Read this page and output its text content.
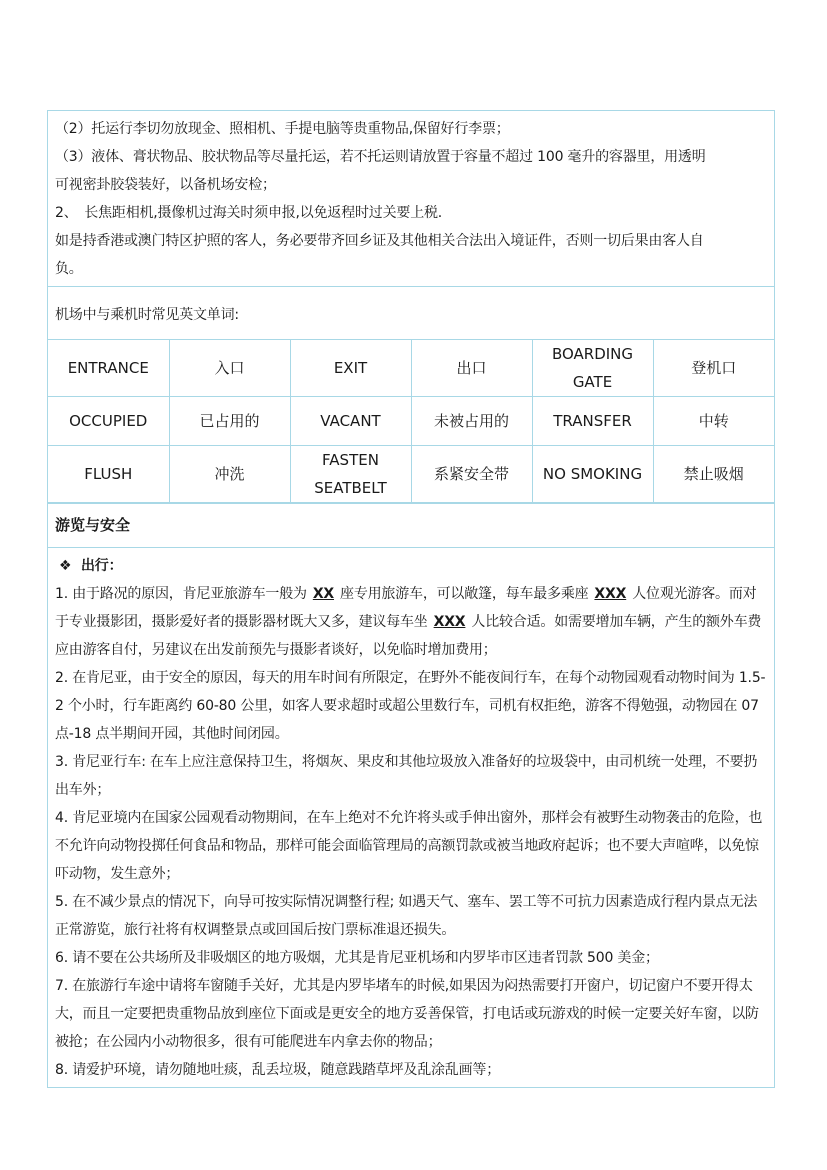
（2）托运行李切勿放现金、照相机、手提电脑等贵重物品,保留好行李票；

（3）液体、膏状物品、胶状物品等尽量托运，若不托运则请放置于容量不超过 100 毫升的容器里，用透明

可视密卦胶袋装好，以备机场安检；

2、　长焦距相机,摄像机过海关时须申报,以免返程时过关要上税.

如是持香港或澳门特区护照的客人，务必要带齐回乡证及其他相关合法出入境证件，否则一切后果由客人自

负。

机场中与乘机时常见英文单词:

ENTRANCE	入口	EXIT	出口	BOARDING GATE	登机口
OCCUPIED	已占用的	VACANT	未被占用的	TRANSFER	中转
FLUSH	冲洗	FASTEN SEATBELT	系紧安全带	NO SMOKING	禁止吸烟
游览与安全

❖ 出行：

1. 由于路况的原因，肯尼亚旅游车一般为 XX 座专用旅游车，可以敞篷，每车最多乘座 XXX 人位观光游客。而对于专业摄影团，摄影爱好者的摄影器材既大又多，建议每车坐 XXX 人比较合适。如需要增加车辆，产生的额外车费应由游客自付，另建议在出发前预先与摄影者谈好，以免临时增加费用；

2. 在肯尼亚，由于安全的原因，每天的用车时间有所限定，在野外不能夜间行车，在每个动物园观看动物时间为 1.5-2 个小时，行车距离约 60-80 公里，如客人要求超时或超公里数行车，司机有权拒绝，游客不得勉强，动物园在 07 点-18 点半期间开园，其他时间闭园。

3. 肯尼亚行车: 在车上应注意保持卫生，将烟灰、果皮和其他垃圾放入准备好的垃圾袋中，由司机统一处理，不要扔出车外；

4. 肯尼亚境内在国家公园观看动物期间，在车上绝对不允许将头或手伸出窗外，那样会有被野生动物袭击的危险，也不允许向动物投掷任何食品和物品，那样可能会面临管理局的高额罚款或被当地政府起诉；也不要大声喧哗，以免惊吓动物，发生意外；

5. 在不减少景点的情况下，向导可按实际情况调整行程; 如遇天气、塞车、罢工等不可抗力因素造成行程内景点无法正常游览，旅行社将有权调整景点或回国后按门票标准退还损失。

6. 请不要在公共场所及非吸烟区的地方吸烟，尤其是肯尼亚机场和内罗毕市区违者罚款 500 美金；

7. 在旅游行车途中请将车窗随手关好，尤其是内罗毕堵车的时候,如果因为闷热需要打开窗户，切记窗户不要开得太大，而且一定要把贵重物品放到座位下面或是更安全的地方妥善保管，打电话或玩游戏的时候一定要关好车窗，以防被抢；在公园内小动物很多，很有可能爬进车内拿去你的物品；

8. 请爱护环境，请勿随地吐痰，乱丢垃圾，随意践踏草坪及乱涂乱画等；
